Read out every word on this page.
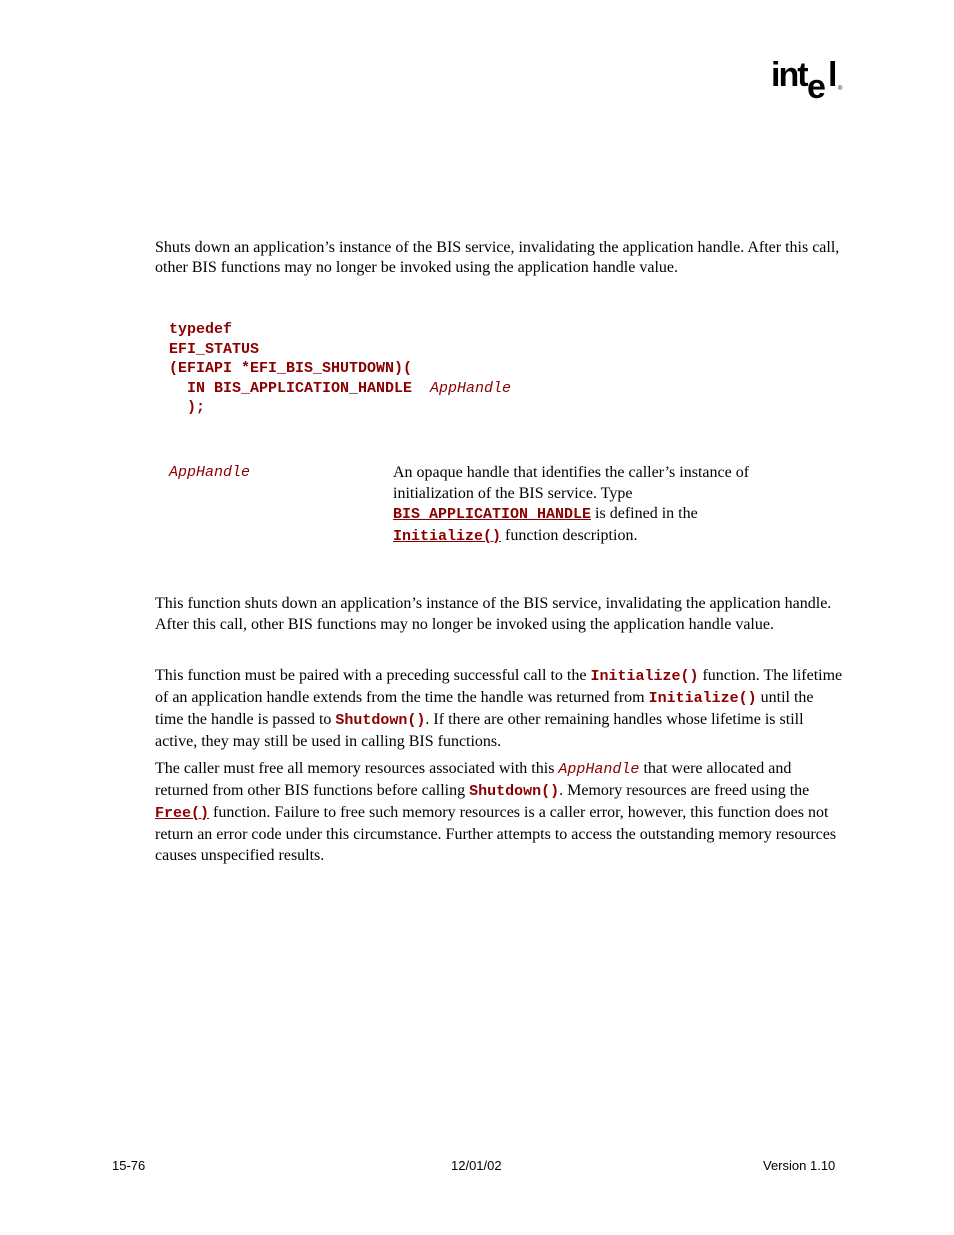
int e l ®

Shuts down an application’s instance of the BIS service, invalidating the application handle. After this call, other BIS functions may no longer be invoked using the application handle value.

typedef
EFI_STATUS
(EFIAPI *EFI_BIS_SHUTDOWN)(
IN BIS_APPLICATION_HANDLE  AppHandle
);
AppHandle	An opaque handle that identifies the caller’s instance of initialization of the BIS service. Type
BIS_APPLICATION_HANDLE is defined in the
Initialize() function description.

This function shuts down an application’s instance of the BIS service, invalidating the application handle. After this call, other BIS functions may no longer be invoked using the application handle value.

This function must be paired with a preceding successful call to the Initialize() function. The lifetime of an application handle extends from the time the handle was returned from Initialize() until the time the handle is passed to Shutdown(). If there are other remaining handles whose lifetime is still active, they may still be used in calling BIS functions.

The caller must free all memory resources associated with this AppHandle that were allocated and returned from other BIS functions before calling Shutdown(). Memory resources are freed using the Free() function. Failure to free such memory resources is a caller error, however, this function does not return an error code under this circumstance. Further attempts to access the outstanding memory resources causes unspecified results.

15-76	12/01/02	Version 1.10
